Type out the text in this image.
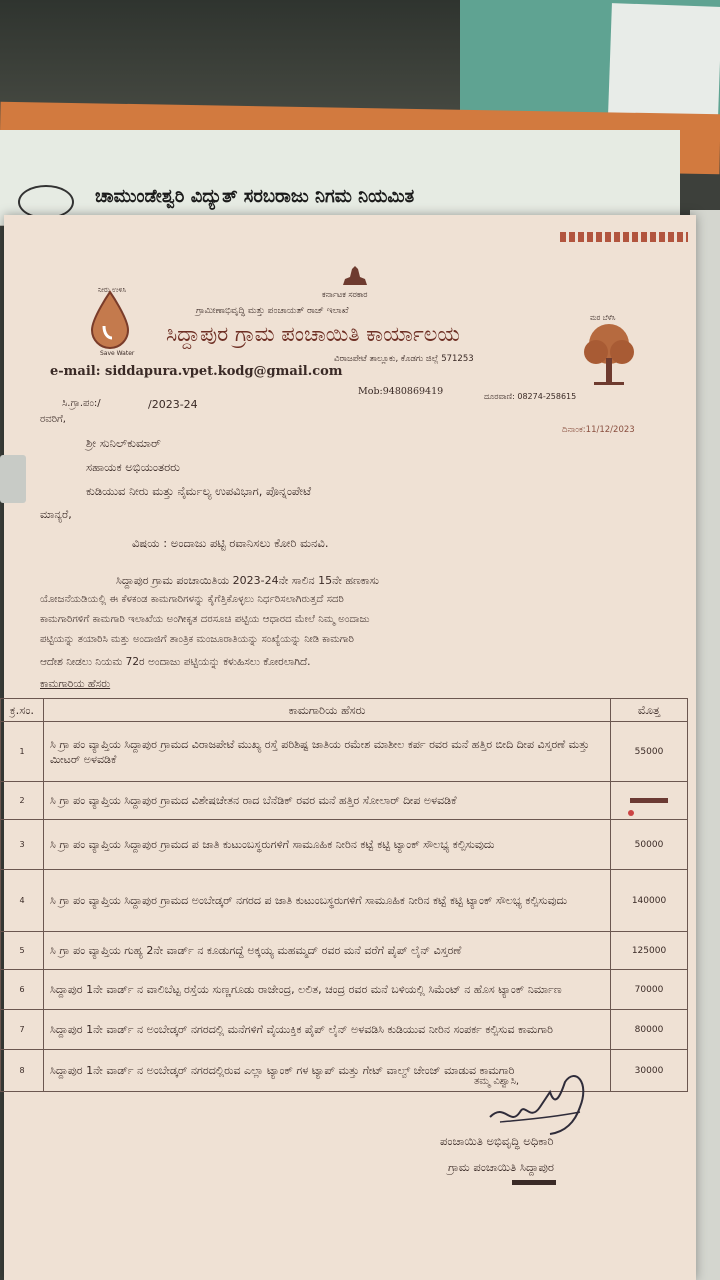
ಚಾಮುಂಡೇಶ್ವರಿ ವಿದ್ಯುತ್ ಸರಬರಾಜು ನಿಗಮ ನಿಯಮಿತ
ಕರ್ನಾಟಕ ಸರಕಾರ
ನೀರು ಉಳಿಸಿ
Save Water
ಮರ ಬೆಳೆಸಿ
ಗ್ರಾಮೀಣಾಭಿವೃದ್ಧಿ ಮತ್ತು ಪಂಚಾಯತ್ ರಾಜ್ ಇಲಾಖೆ
ಸಿದ್ದಾಪುರ ಗ್ರಾಮ ಪಂಚಾಯಿತಿ ಕಾರ್ಯಾಲಯ
ವಿರಾಜಪೇಟೆ ತಾಲ್ಲೂಕು, ಕೊಡಗು ಜಿಲ್ಲೆ 571253
e-mail: siddapura.vpet.kodg@gmail.com
Mob:9480869419	ದೂರವಾಣಿ: 08274-258615
ಸಿ.ಗ್ರಾ.ಪಂ:/	/2023-24
ದಿನಾಂಕ:11/12/2023
ರವರಿಗೆ,
ಶ್ರೀ ಸುನಿಲ್‌ಕುಮಾರ್
ಸಹಾಯಕ ಅಭಿಯಂತರರು
ಕುಡಿಯುವ ನೀರು ಮತ್ತು ನೈರ್ಮಲ್ಯ ಉಪವಿಭಾಗ, ಪೊನ್ನಂಪೇಟೆ
ಮಾನ್ಯರೆ,
ವಿಷಯ : ಅಂದಾಜು ಪಟ್ಟಿ ರವಾನಿಸಲು ಕೋರಿ ಮನವಿ.
ಸಿದ್ದಾಪುರ ಗ್ರಾಮ ಪಂಚಾಯಿತಿಯ 2023-24ನೇ ಸಾಲಿನ 15ನೇ ಹಣಕಾಸು
ಯೋಜನೆಯಡಿಯಲ್ಲಿ ಈ ಕೆಳಕಂಡ ಕಾಮಗಾರಿಗಳನ್ನು ಕೈಗೆತ್ತಿಕೊಳ್ಳಲು ನಿರ್ಧರಿಸಲಾಗಿರುತ್ತದೆ ಸದರಿ
ಕಾಮಗಾರಿಗಳಿಗೆ ಕಾಮಗಾರಿ ಇಲಾಖೆಯ ಅಂಗೀಕೃತ ದರಸೂಚಿ ಪಟ್ಟಿಯ ಆಧಾರದ ಮೇಲೆ ನಿಮ್ಮ ಅಂದಾಜು
ಪಟ್ಟಿಯನ್ನು ತಯಾರಿಸಿ ಮತ್ತು ಅಂದಾಜಿಗೆ ತಾಂತ್ರಿಕ ಮಂಜೂರಾತಿಯನ್ನು ಸಂಖ್ಯೆಯನ್ನು ನೀಡಿ ಕಾಮಗಾರಿ
ಆದೇಶ ನೀಡಲು ನಿಯಮ 72ರ ಅಂದಾಜು ಪಟ್ಟಿಯನ್ನು ಕಳುಹಿಸಲು ಕೋರಲಾಗಿದೆ.
ಕಾಮಗಾರಿಯ ಹೆಸರು
ಕ್ರ.ಸಂ.	ಕಾಮಗಾರಿಯ ಹೆಸರು	ಮೊತ್ತ
1	ಸಿ ಗ್ರಾ ಪಂ ವ್ಯಾಪ್ತಿಯ ಸಿದ್ದಾಪುರ ಗ್ರಾಮದ ವಿರಾಜಪೇಟೆ ಮುಖ್ಯ ರಸ್ತೆ ಪರಿಶಿಷ್ಟ ಜಾತಿಯ ರಮೇಶ ಮಾಶೀಲ ಕರ್ಪ ರವರ ಮನೆ ಹತ್ತಿರ ಬೀದಿ ದೀಪ ವಿಸ್ತರಣೆ ಮತ್ತು ಮೀಟರ್ ಅಳವಡಿಕೆ	55000
2	ಸಿ ಗ್ರಾ ಪಂ ವ್ಯಾಪ್ತಿಯ ಸಿದ್ದಾಪುರ ಗ್ರಾಮದ ವಿಶೇಷಚೇತನ ರಾದ ಬೆನೆಡಿಕ್ ರವರ ಮನೆ ಹತ್ತಿರ ಸೋಲಾರ್ ದೀಪ ಅಳವಡಿಕೆ	
3	ಸಿ ಗ್ರಾ ಪಂ ವ್ಯಾಪ್ತಿಯ ಸಿದ್ದಾಪುರ ಗ್ರಾಮದ ಪ ಜಾತಿ ಕುಟುಂಬಸ್ಥರುಗಳಿಗೆ ಸಾಮೂಹಿಕ ನೀರಿನ ಕಟ್ಟೆ ಕಟ್ಟಿ ಟ್ಯಾಂಕ್ ಸೌಲಭ್ಯ ಕಲ್ಪಿಸುವುದು	50000
4	ಸಿ ಗ್ರಾ ಪಂ ವ್ಯಾಪ್ತಿಯ ಸಿದ್ದಾಪುರ ಗ್ರಾಮದ ಅಂಬೇಡ್ಕರ್ ನಗರದ ಪ ಜಾತಿ ಕುಟುಂಬಸ್ಥರುಗಳಿಗೆ ಸಾಮೂಹಿಕ ನೀರಿನ ಕಟ್ಟೆ ಕಟ್ಟಿ ಟ್ಯಾಂಕ್ ಸೌಲಭ್ಯ ಕಲ್ಪಿಸುವುದು	140000
5	ಸಿ ಗ್ರಾ ಪಂ ವ್ಯಾಪ್ತಿಯ ಗುಹ್ಯ 2ನೇ ವಾರ್ಡ್ ನ ಕೂಡುಗದ್ದೆ ಅಕ್ಕಯ್ಯ ಮಹಮ್ಮದ್ ರವರ ಮನೆ ವರೆಗೆ ಪೈಪ್ ಲೈನ್ ವಿಸ್ತರಣೆ	125000
6	ಸಿದ್ದಾಪುರ 1ನೇ ವಾರ್ಡ್ ನ ವಾಲಿಬೆಟ್ಟ ರಸ್ತೆಯ ಸುಣ್ಣಗೂಡು ರಾಜೇಂದ್ರ, ಲಲಿತ, ಚಂದ್ರ ರವರ ಮನೆ ಬಳಿಯಲ್ಲಿ ಸಿಮೆಂಟ್ ನ ಹೊಸ ಟ್ಯಾಂಕ್ ನಿರ್ಮಾಣ	70000
7	ಸಿದ್ದಾಪುರ 1ನೇ ವಾರ್ಡ್ ನ ಅಂಬೇಡ್ಕರ್ ನಗರದಲ್ಲಿ ಮನೆಗಳಿಗೆ ವೈಯುಕ್ತಿಕ ಪೈಪ್ ಲೈನ್ ಅಳವಡಿಸಿ ಕುಡಿಯುವ ನೀರಿನ ಸಂಪರ್ಕ ಕಲ್ಪಿಸುವ ಕಾಮಗಾರಿ	80000
8	ಸಿದ್ದಾಪುರ 1ನೇ ವಾರ್ಡ್ ನ ಅಂಬೇಡ್ಕರ್ ನಗರದಲ್ಲಿರುವ ಎಲ್ಲಾ ಟ್ಯಾಂಕ್ ಗಳ ಟ್ಯಾಪ್ ಮತ್ತು ಗೇಟ್ ವಾಲ್ವ್ ಚೇಂಜ್ ಮಾಡುವ ಕಾಮಗಾರಿ	30000
ತಮ್ಮ ವಿಶ್ವಾಸಿ,
ಪಂಚಾಯಿತಿ ಅಭಿವೃದ್ಧಿ ಅಧಿಕಾರಿ
ಗ್ರಾಮ ಪಂಚಾಯಿತಿ ಸಿದ್ದಾಪುರ
